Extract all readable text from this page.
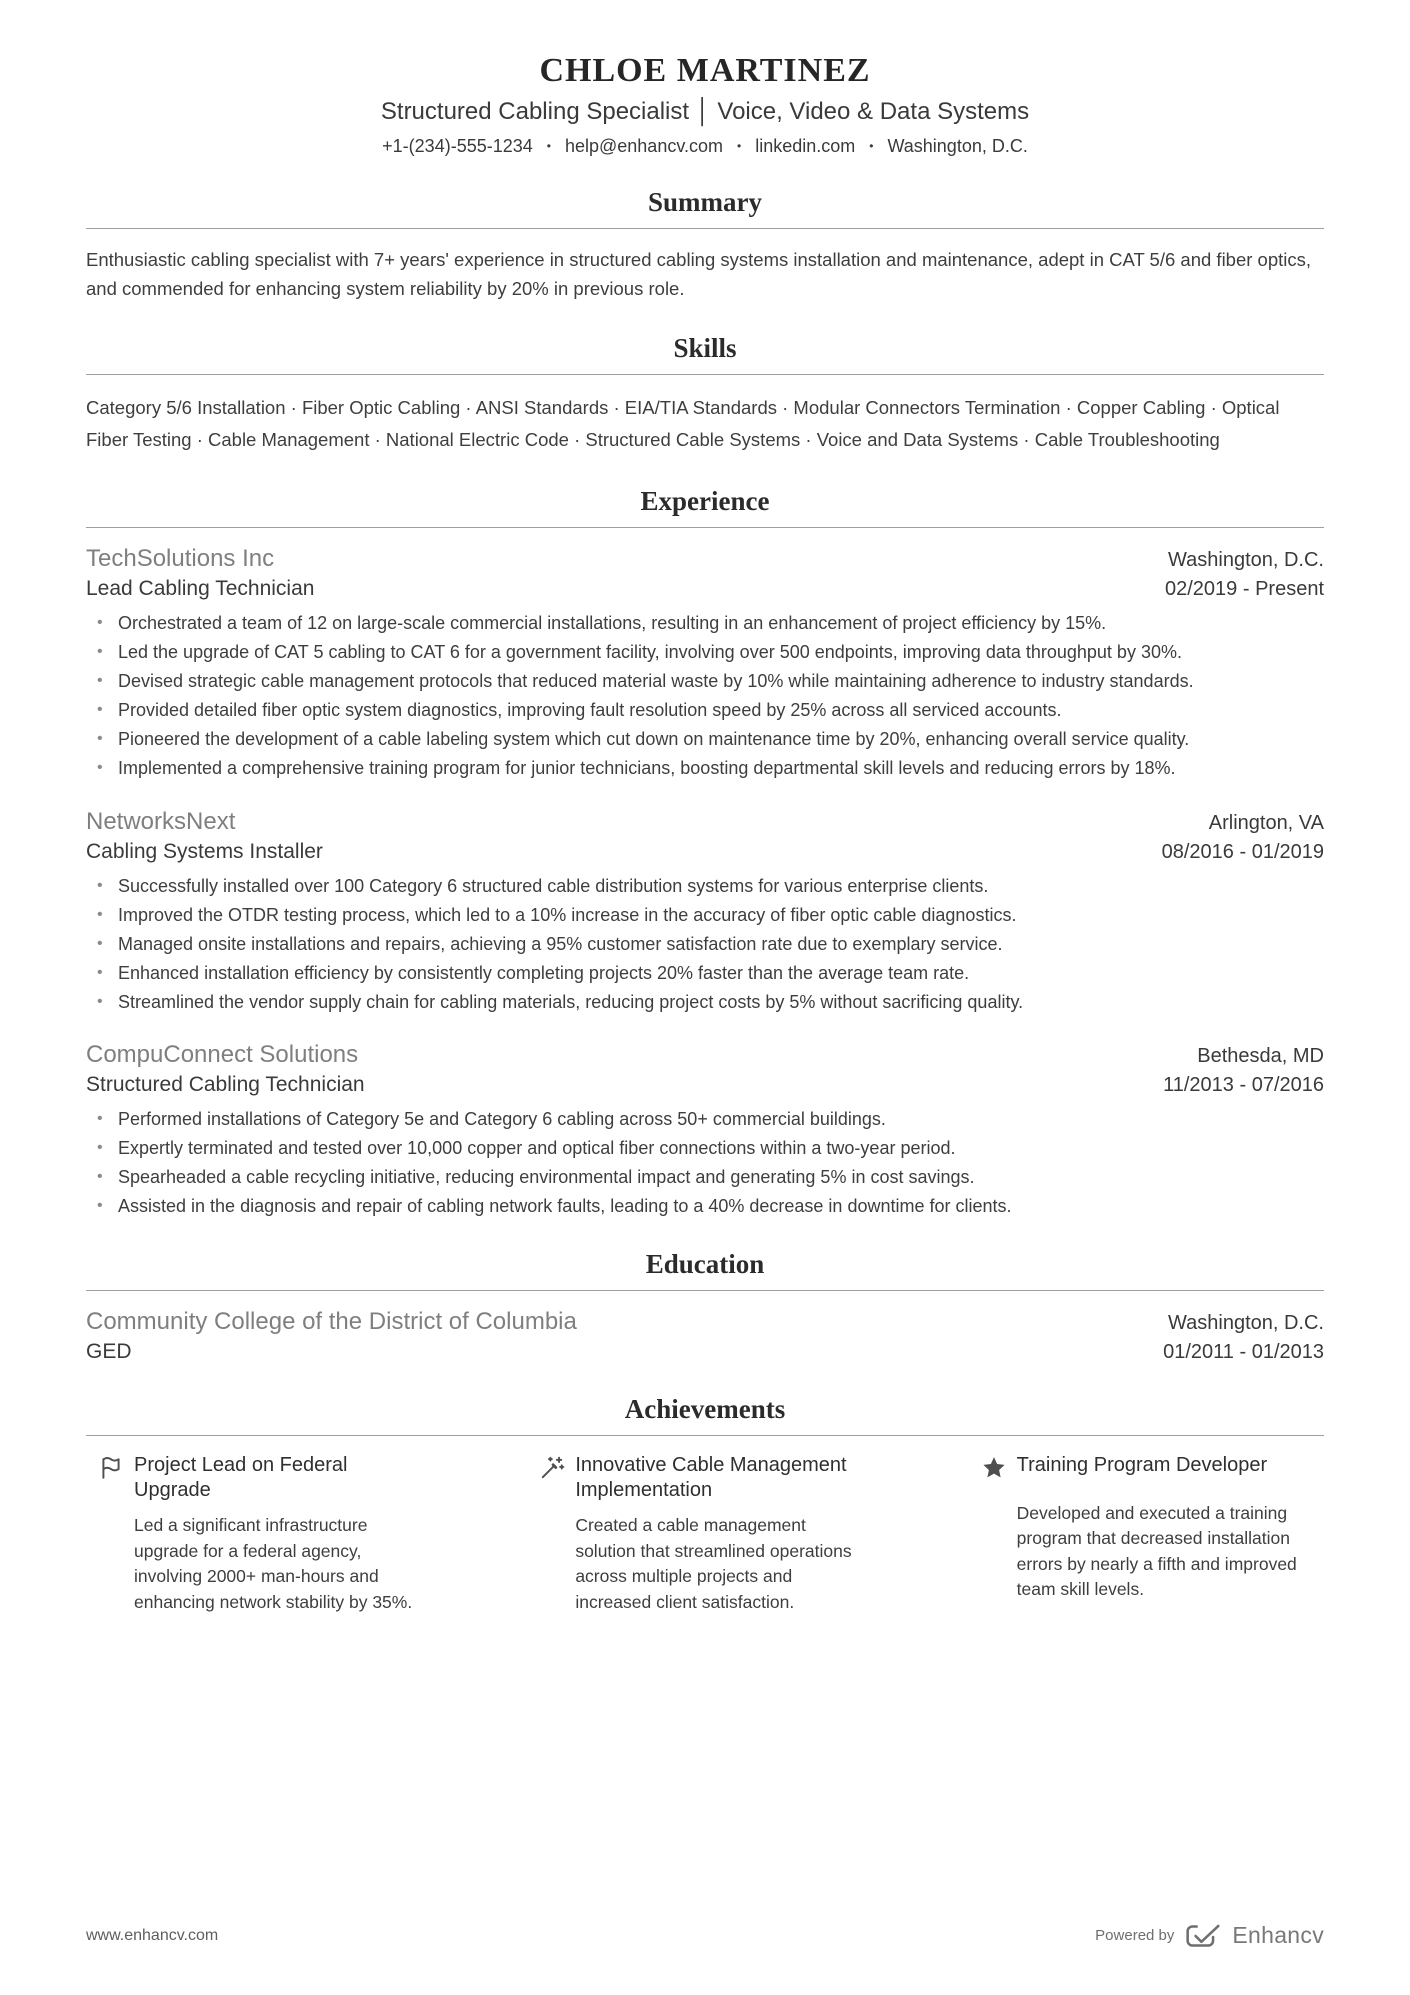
CHLOE MARTINEZ
Structured Cabling Specialist │ Voice, Video & Data Systems
+1-(234)-555-1234 • help@enhancv.com • linkedin.com • Washington, D.C.
Summary

Enthusiastic cabling specialist with 7+ years' experience in structured cabling systems installation and maintenance, adept in CAT 5/6 and fiber optics, and commended for enhancing system reliability by 20% in previous role.

Skills

Category 5/6 Installation · Fiber Optic Cabling · ANSI Standards · EIA/TIA Standards · Modular Connectors Termination · Copper Cabling · Optical Fiber Testing · Cable Management · National Electric Code · Structured Cable Systems · Voice and Data Systems · Cable Troubleshooting

Experience
TechSolutions Inc	Washington, D.C.
Lead Cabling Technician	02/2019 - Present
• Orchestrated a team of 12 on large-scale commercial installations, resulting in an enhancement of project efficiency by 15%.
• Led the upgrade of CAT 5 cabling to CAT 6 for a government facility, involving over 500 endpoints, improving data throughput by 30%.
• Devised strategic cable management protocols that reduced material waste by 10% while maintaining adherence to industry standards.
• Provided detailed fiber optic system diagnostics, improving fault resolution speed by 25% across all serviced accounts.
• Pioneered the development of a cable labeling system which cut down on maintenance time by 20%, enhancing overall service quality.
• Implemented a comprehensive training program for junior technicians, boosting departmental skill levels and reducing errors by 18%.
NetworksNext	Arlington, VA
Cabling Systems Installer	08/2016 - 01/2019
• Successfully installed over 100 Category 6 structured cable distribution systems for various enterprise clients.
• Improved the OTDR testing process, which led to a 10% increase in the accuracy of fiber optic cable diagnostics.
• Managed onsite installations and repairs, achieving a 95% customer satisfaction rate due to exemplary service.
• Enhanced installation efficiency by consistently completing projects 20% faster than the average team rate.
• Streamlined the vendor supply chain for cabling materials, reducing project costs by 5% without sacrificing quality.
CompuConnect Solutions	Bethesda, MD
Structured Cabling Technician	11/2013 - 07/2016
• Performed installations of Category 5e and Category 6 cabling across 50+ commercial buildings.
• Expertly terminated and tested over 10,000 copper and optical fiber connections within a two-year period.
• Spearheaded a cable recycling initiative, reducing environmental impact and generating 5% in cost savings.
• Assisted in the diagnosis and repair of cabling network faults, leading to a 40% decrease in downtime for clients.
Education
Community College of the District of Columbia	Washington, D.C.
GED	01/2011 - 01/2013
Achievements
Project Lead on Federal Upgrade

Led a significant infrastructure upgrade for a federal agency, involving 2000+ man-hours and enhancing network stability by 35%.

Innovative Cable Management Implementation

Created a cable management solution that streamlined operations across multiple projects and increased client satisfaction.

Training Program Developer

Developed and executed a training program that decreased installation errors by nearly a fifth and improved team skill levels.

www.enhancv.com	Powered by	Enhancv
